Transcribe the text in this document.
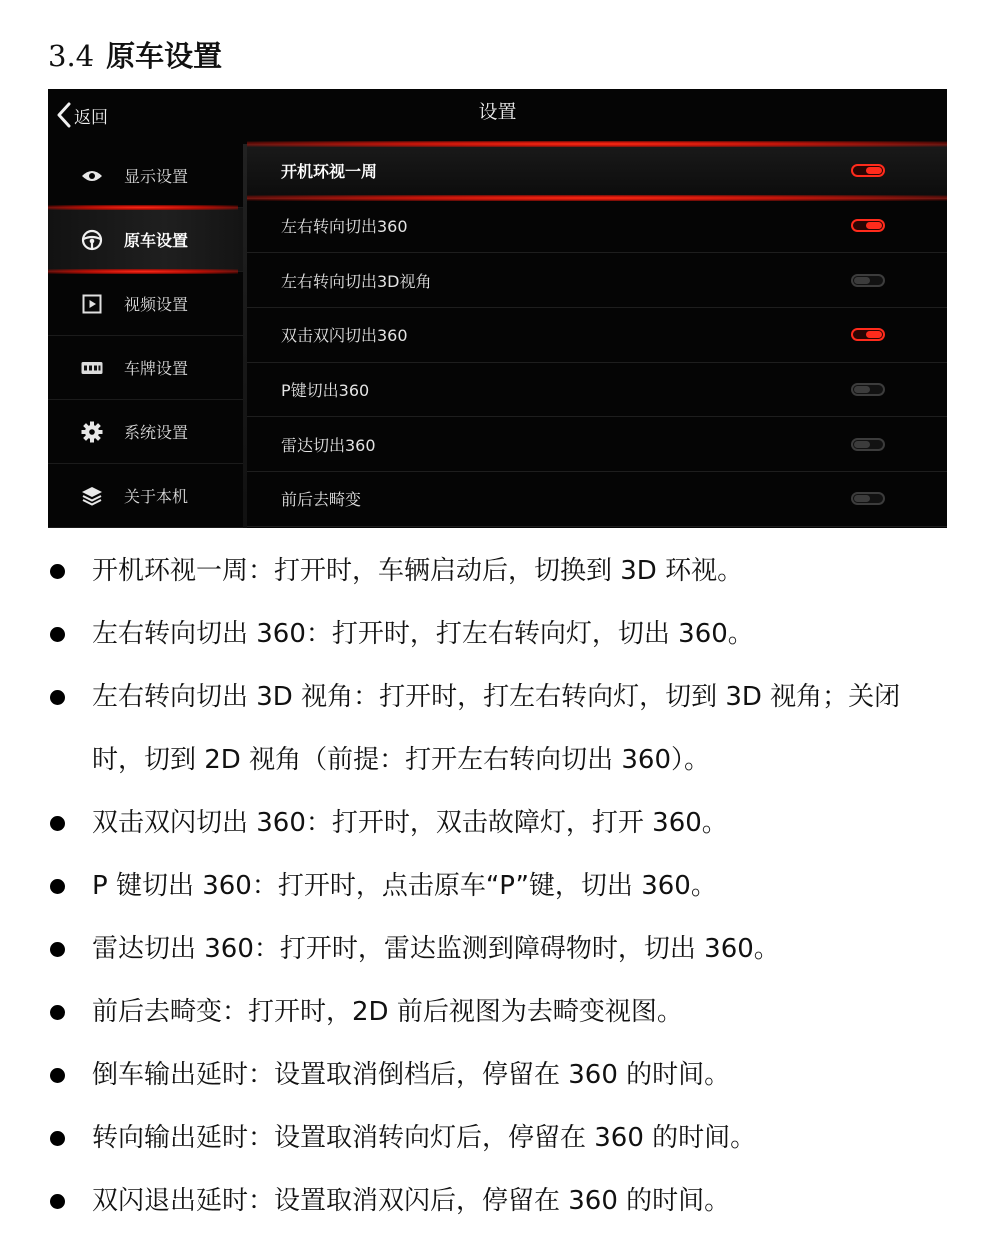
3.4 原车设置
返回	设置
显示设置
原车设置
视频设置
车牌设置
系统设置
关于本机
开机环视一周
左右转向切出360
左右转向切出3D视角
双击双闪切出360
P键切出360
雷达切出360
前后去畸变
开机环视一周：打开时，车辆启动后，切换到 3D 环视。
左右转向切出 360：打开时，打左右转向灯，切出 360。
左右转向切出 3D 视角：打开时，打左右转向灯，切到 3D 视角；关闭时，切到 2D 视角（前提：打开左右转向切出 360）。
双击双闪切出 360：打开时，双击故障灯，打开 360。
P 键切出 360：打开时，点击原车“P”键，切出 360。
雷达切出 360：打开时，雷达监测到障碍物时，切出 360。
前后去畸变：打开时，2D 前后视图为去畸变视图。
倒车输出延时：设置取消倒档后，停留在 360 的时间。
转向输出延时：设置取消转向灯后，停留在 360 的时间。
双闪退出延时：设置取消双闪后，停留在 360 的时间。
